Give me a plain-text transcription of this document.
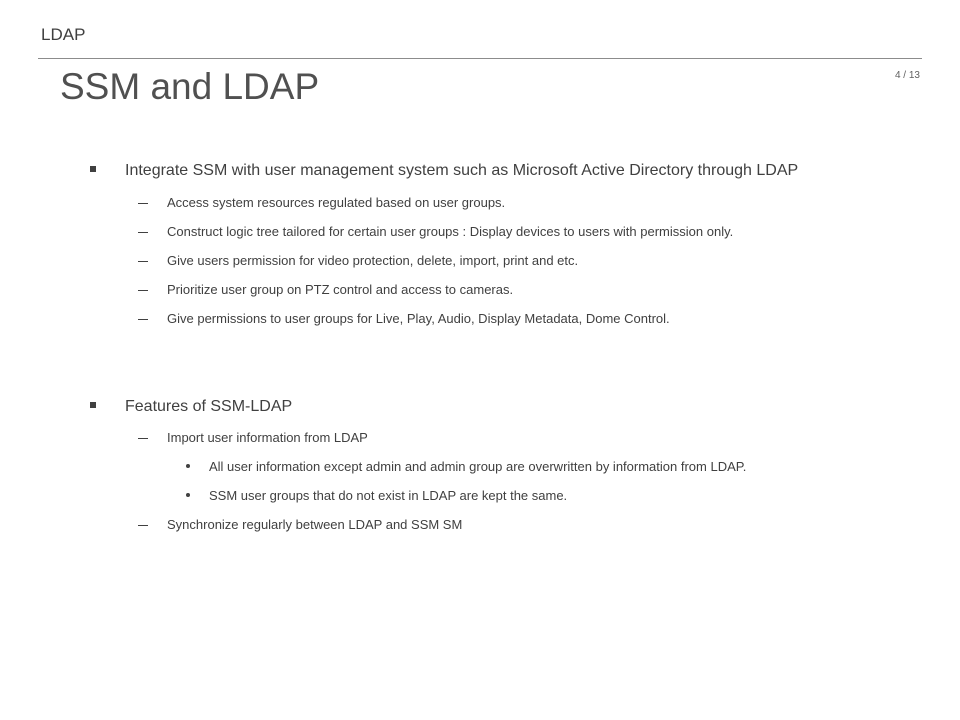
LDAP
SSM and LDAP	4 / 13
Integrate SSM with user management system such as Microsoft Active Directory through LDAP
Access system resources regulated based on user groups.
Construct logic tree tailored for certain user groups : Display devices to users with permission only.
Give users permission for video protection, delete, import, print and etc.
Prioritize user group on PTZ control and access to cameras.
Give permissions to user groups for Live, Play, Audio, Display Metadata, Dome Control.
Features of SSM-LDAP
Import user information from LDAP
All user information except admin and admin group are overwritten by information from LDAP.
SSM user groups that do not exist in LDAP are kept the same.
Synchronize regularly between LDAP and SSM SM
